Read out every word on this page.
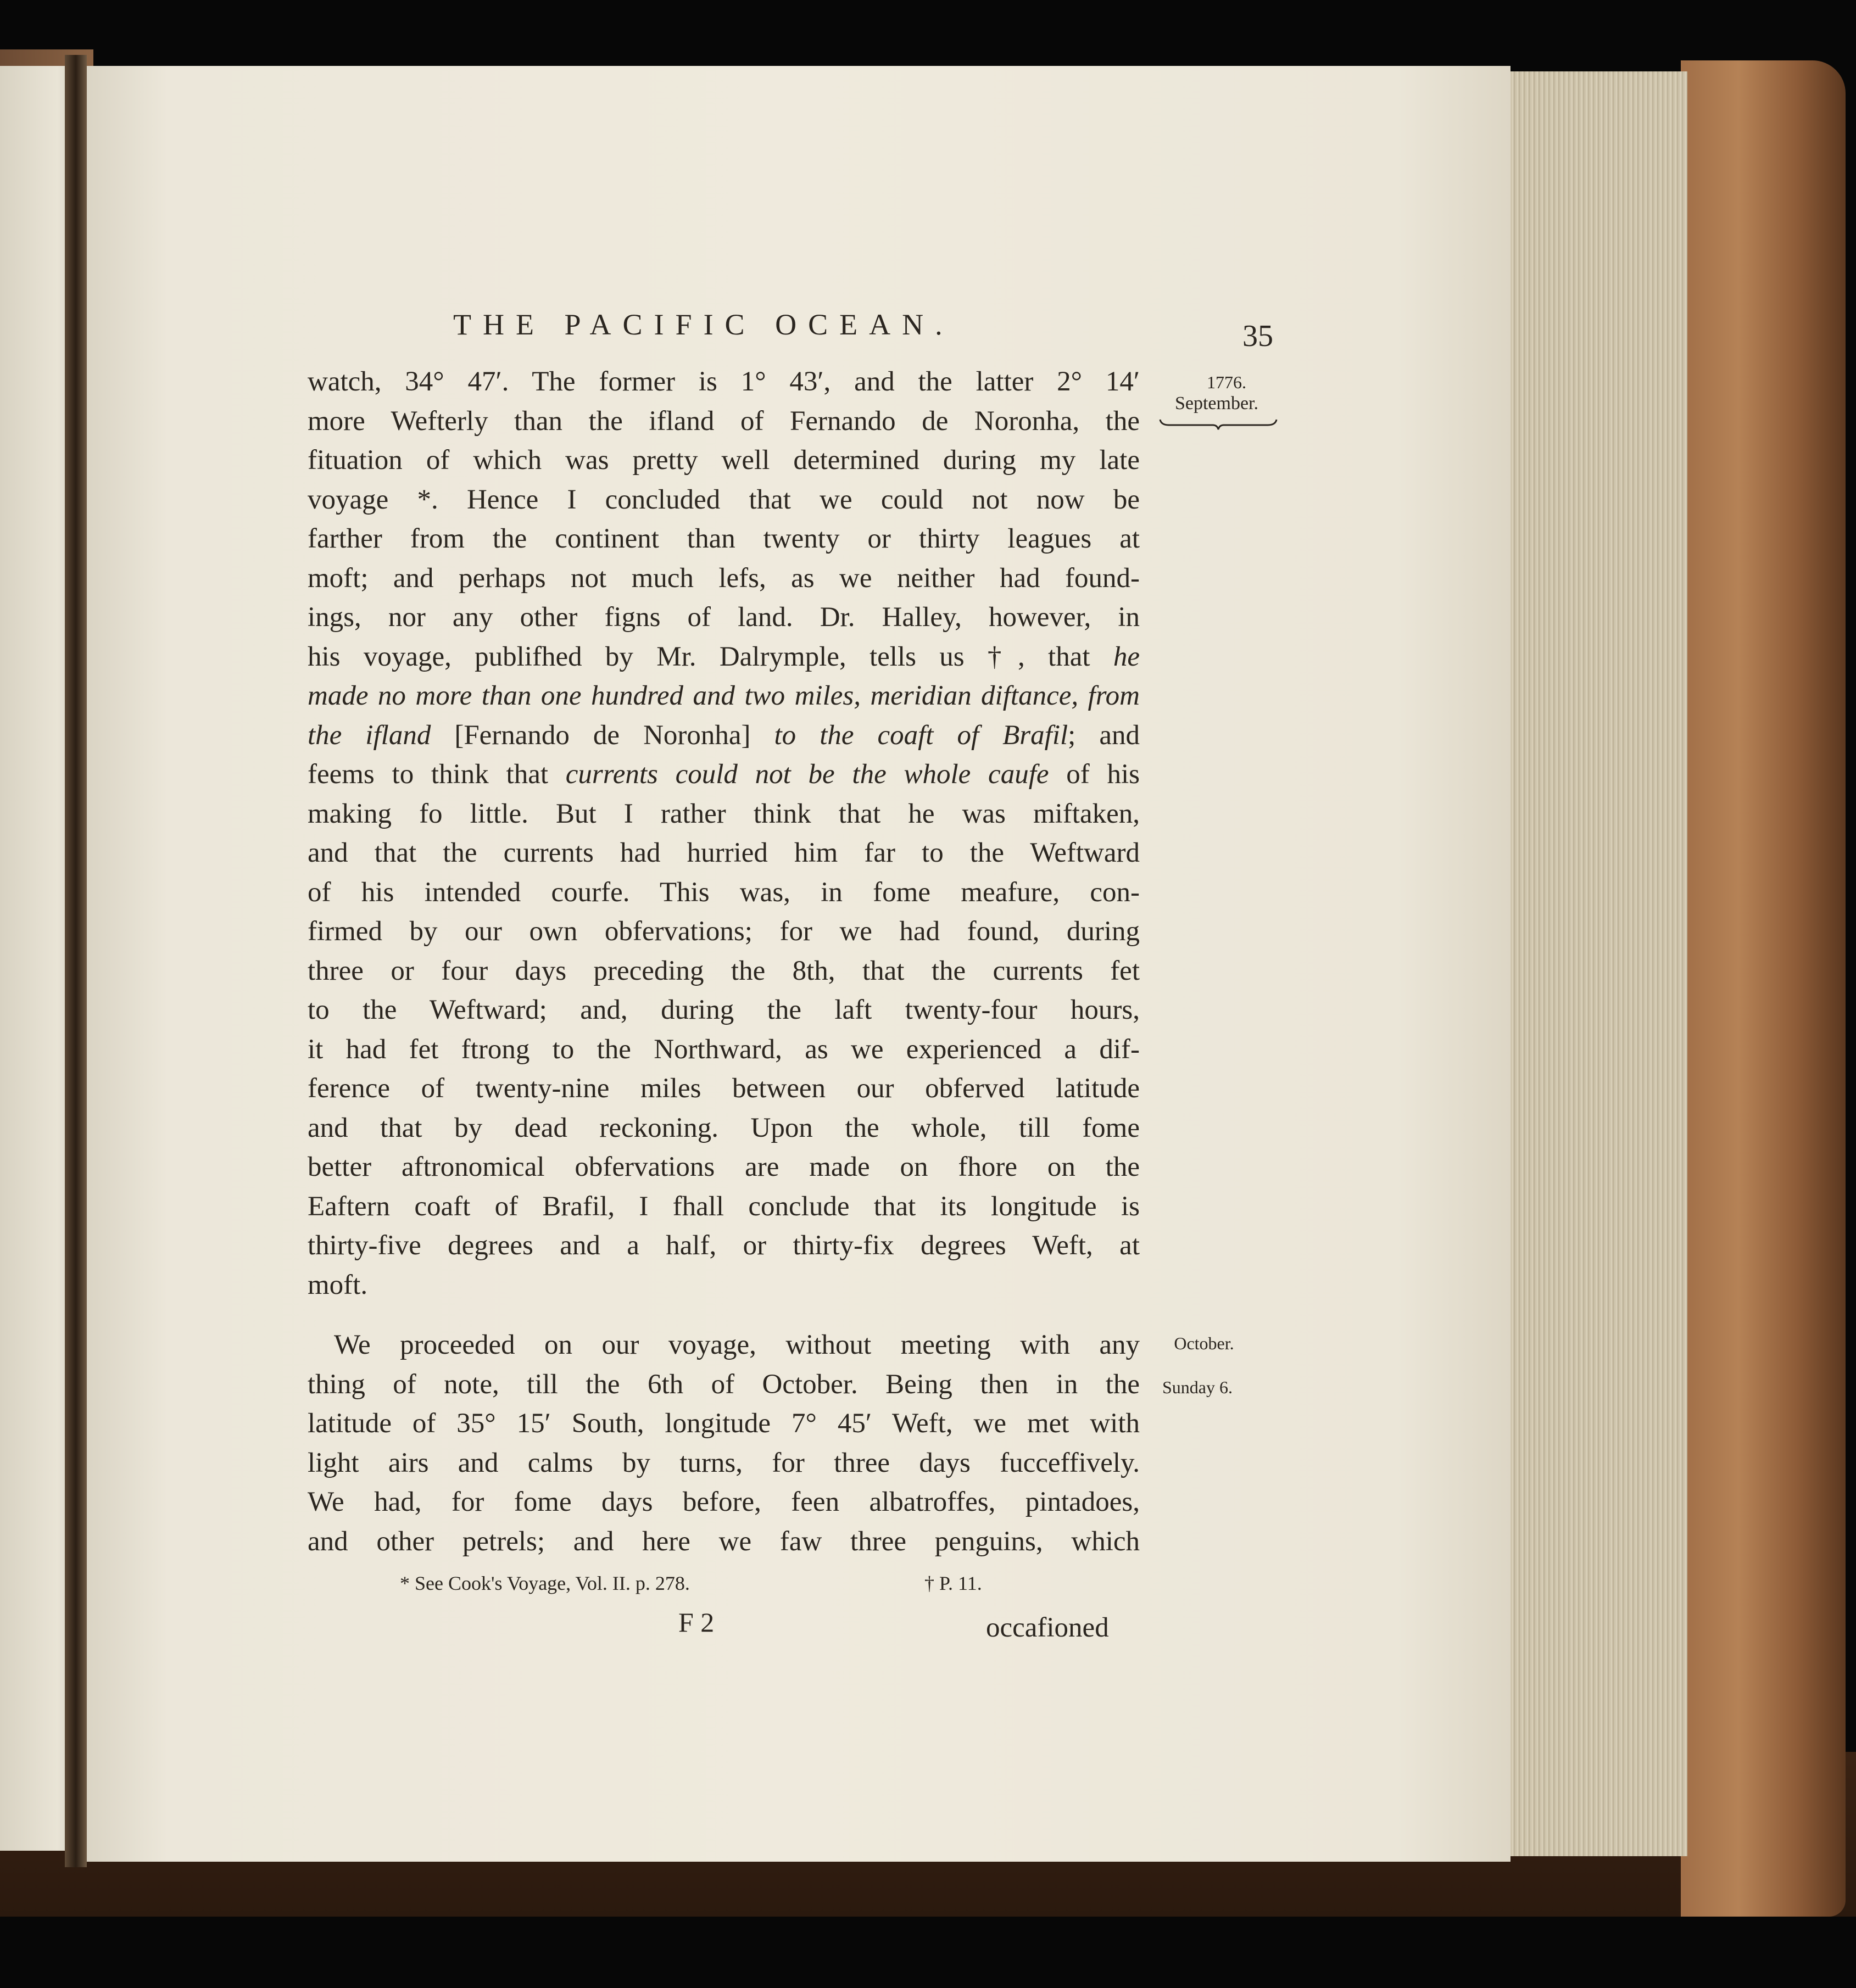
THE PACIFIC OCEAN.	35
1776.
September.
October.
Sunday 6.
watch, 34° 47′. The former is 1° 43′, and the latter 2° 14′
more Wefterly than the ifland of Fernando de Noronha, the
fituation of which was pretty well determined during my late
voyage *. Hence I concluded that we could not now be
farther from the continent than twenty or thirty leagues at
moft; and perhaps not much lefs, as we neither had found-
ings, nor any other figns of land. Dr. Halley, however, in
his voyage, publifhed by Mr. Dalrymple, tells us †, that he
made no more than one hundred and two miles, meridian diftance, from
the ifland [Fernando de Noronha] to the coaft of Brafil; and
feems to think that currents could not be the whole caufe of his
making fo little. But I rather think that he was miftaken,
and that the currents had hurried him far to the Weftward
of his intended courfe. This was, in fome meafure, con-
firmed by our own obfervations; for we had found, during
three or four days preceding the 8th, that the currents fet
to the Weftward; and, during the laft twenty-four hours,
it had fet ftrong to the Northward, as we experienced a dif-
ference of twenty-nine miles between our obferved latitude
and that by dead reckoning. Upon the whole, till fome
better aftronomical obfervations are made on fhore on the
Eaftern coaft of Brafil, I fhall conclude that its longitude is
thirty-five degrees and a half, or thirty-fix degrees Weft, at
moft.
We proceeded on our voyage, without meeting with any
thing of note, till the 6th of October. Being then in the
latitude of 35° 15′ South, longitude 7° 45′ Weft, we met with
light airs and calms by turns, for three days fucceffively.
We had, for fome days before, feen albatroffes, pintadoes,
and other petrels; and here we faw three penguins, which
* See Cook's Voyage, Vol. II. p. 278.	† P. 11.
F 2	occafioned
